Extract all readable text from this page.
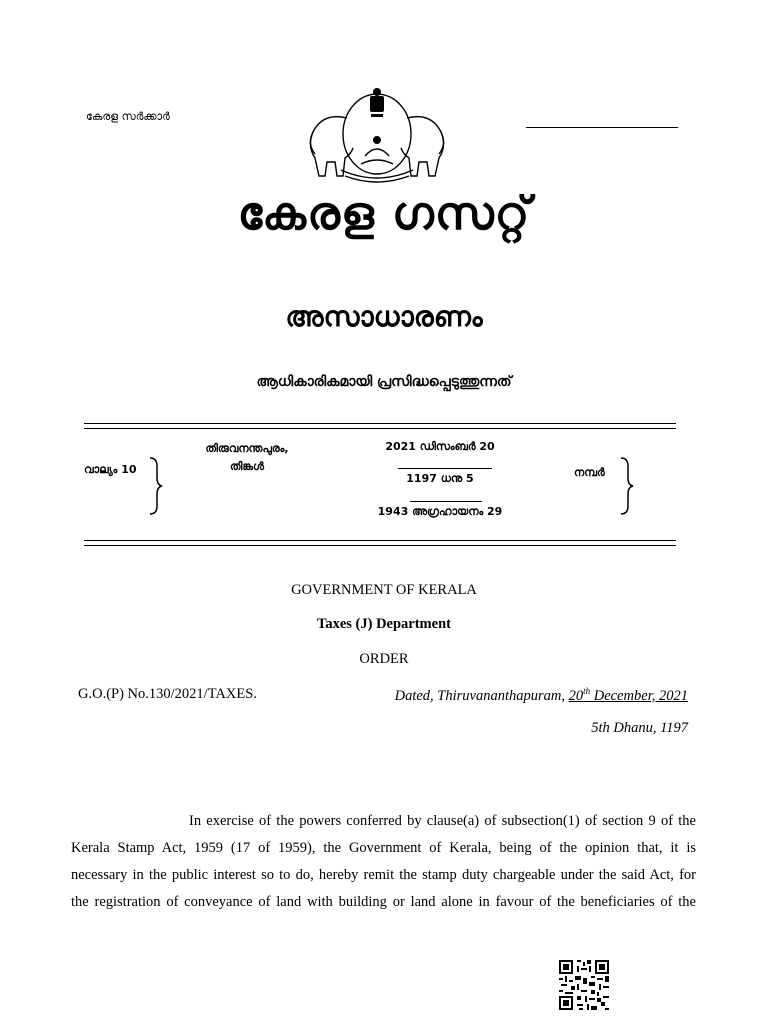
കേരള സർക്കാർ
കേരള ഗസറ്റ്
അസാധാരണം
ആധികാരികമായി പ്രസിദ്ധപ്പെടുത്തുന്നത്
വാല്യം 10
തിരുവനന്തപുരം,
തിങ്കൾ
2021 ഡിസംബർ 20
1197 ധനു 5
1943 അഗ്രഹായനം 29
നമ്പർ
GOVERNMENT OF KERALA
Taxes (J) Department
ORDER
G.O.(P) No.130/2021/TAXES.	Dated, Thiruvananthapuram, 20th December, 2021
5th Dhanu, 1197
In exercise of the powers conferred by clause(a) of subsection(1) of section 9 of the
Kerala Stamp Act, 1959 (17 of 1959), the Government of Kerala, being of the opinion that, it is
necessary in the public interest so to do, hereby remit the stamp duty chargeable under the said Act, for
the registration of conveyance of land with building or land alone in favour of the beneficiaries of the
